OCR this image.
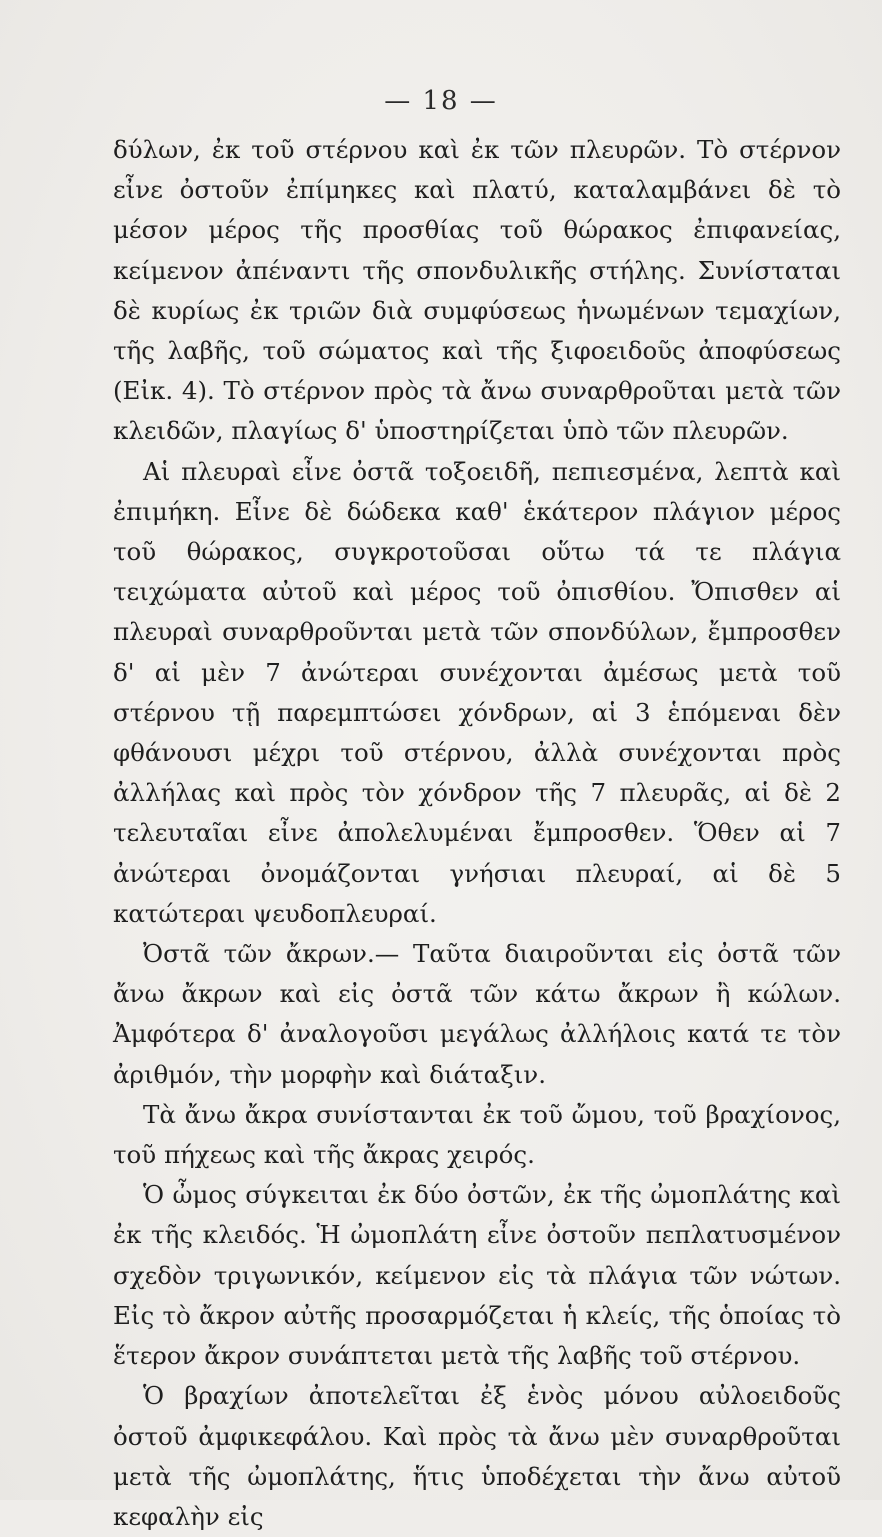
— 18 —

δύλων, ἐκ τοῦ στέρνου καὶ ἐκ τῶν πλευρῶν. Τὸ στέρνον εἶνε ὀστοῦν ἐπίμηκες καὶ πλατύ, καταλαμβάνει δὲ τὸ μέσον μέρος τῆς προσθίας τοῦ θώρακος ἐπιφανείας, κείμενον ἀπέναντι τῆς σπονδυλικῆς στήλης. Συνίσταται δὲ κυρίως ἐκ τριῶν διὰ συμφύσεως ἡνωμένων τεμαχίων, τῆς λαβῆς, τοῦ σώματος καὶ τῆς ξιφοειδοῦς ἀποφύσεως (Εἰκ. 4). Τὸ στέρνον πρὸς τὰ ἄνω συναρθροῦται μετὰ τῶν κλειδῶν, πλαγίως δ' ὑποστηρίζεται ὑπὸ τῶν πλευρῶν.

Αἱ πλευραὶ εἶνε ὀστᾶ τοξοειδῆ, πεπιεσμένα, λεπτὰ καὶ ἐπιμήκη. Εἶνε δὲ δώδεκα καθ' ἑκάτερον πλάγιον μέρος τοῦ θώρακος, συγκροτοῦσαι οὕτω τά τε πλάγια τειχώματα αὐτοῦ καὶ μέρος τοῦ ὀπισθίου. Ὄπισθεν αἱ πλευραὶ συναρθροῦνται μετὰ τῶν σπονδύλων, ἔμπροσθεν δ' αἱ μὲν 7 ἀνώτεραι συνέχονται ἀμέσως μετὰ τοῦ στέρνου τῇ παρεμπτώσει χόνδρων, αἱ 3 ἑπόμεναι δὲν φθάνουσι μέχρι τοῦ στέρνου, ἀλλὰ συνέχονται πρὸς ἀλλήλας καὶ πρὸς τὸν χόνδρον τῆς 7 πλευρᾶς, αἱ δὲ 2 τελευταῖαι εἶνε ἀπολελυμέναι ἔμπροσθεν. Ὅθεν αἱ 7 ἀνώτεραι ὀνομάζονται γνήσιαι πλευραί, αἱ δὲ 5 κατώτεραι ψευδοπλευραί.

Ὀστᾶ τῶν ἄκρων.— Ταῦτα διαιροῦνται εἰς ὀστᾶ τῶν ἄνω ἄκρων καὶ εἰς ὀστᾶ τῶν κάτω ἄκρων ἢ κώλων. Ἀμφότερα δ' ἀναλογοῦσι μεγάλως ἀλλήλοις κατά τε τὸν ἀριθμόν, τὴν μορφὴν καὶ διάταξιν.

Τὰ ἄνω ἄκρα συνίστανται ἐκ τοῦ ὤμου, τοῦ βραχίονος, τοῦ πήχεως καὶ τῆς ἄκρας χειρός.

Ὁ ὦμος σύγκειται ἐκ δύο ὀστῶν, ἐκ τῆς ὠμοπλάτης καὶ ἐκ τῆς κλειδός. Ἡ ὠμοπλάτη εἶνε ὀστοῦν πεπλατυσμένον σχεδὸν τριγωνικόν, κείμενον εἰς τὰ πλάγια τῶν νώτων. Εἰς τὸ ἄκρον αὐτῆς προσαρμόζεται ἡ κλείς, τῆς ὁποίας τὸ ἕτερον ἄκρον συνάπτεται μετὰ τῆς λαβῆς τοῦ στέρνου.

Ὁ βραχίων ἀποτελεῖται ἐξ ἑνὸς μόνου αὐλοειδοῦς ὀστοῦ ἀμφικεφάλου. Καὶ πρὸς τὰ ἄνω μὲν συναρθροῦται μετὰ τῆς ὠμοπλάτης, ἥτις ὑποδέχεται τὴν ἄνω αὐτοῦ κεφαλὴν εἰς
